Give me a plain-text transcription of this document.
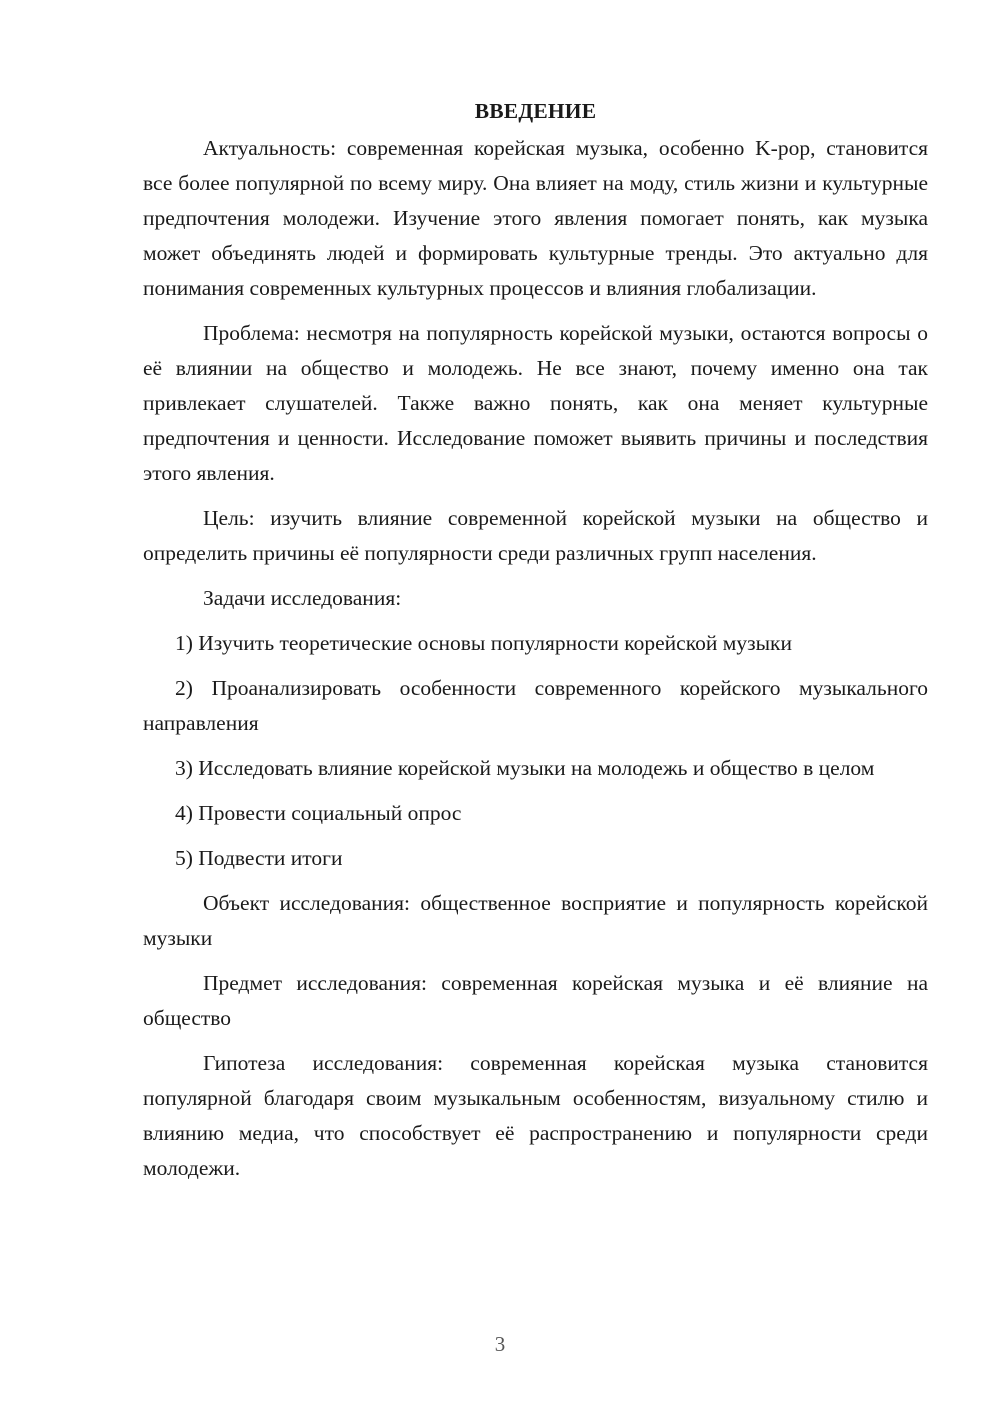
ВВЕДЕНИЕ

Актуальность: современная корейская музыка, особенно K-pop, становится все более популярной по всему миру. Она влияет на моду, стиль жизни и культурные предпочтения молодежи. Изучение этого явления помогает понять, как музыка может объединять людей и формировать культурные тренды. Это актуально для понимания современных культурных процессов и влияния глобализации.

Проблема: несмотря на популярность корейской музыки, остаются вопросы о её влиянии на общество и молодежь. Не все знают, почему именно она так привлекает слушателей. Также важно понять, как она меняет культурные предпочтения и ценности. Исследование поможет выявить причины и последствия этого явления.

Цель: изучить влияние современной корейской музыки на общество и определить причины её популярности среди различных групп населения.

Задачи исследования:

1) Изучить теоретические основы популярности корейской музыки

2) Проанализировать особенности современного корейского музыкального направления

3) Исследовать влияние корейской музыки на молодежь и общество в целом

4) Провести социальный опрос

5) Подвести итоги

Объект исследования: общественное восприятие и популярность корейской музыки

Предмет исследования: современная корейская музыка и её влияние на общество

Гипотеза исследования: современная корейская музыка становится популярной благодаря своим музыкальным особенностям, визуальному стилю и влиянию медиа, что способствует её распространению и популярности среди молодежи.

3
